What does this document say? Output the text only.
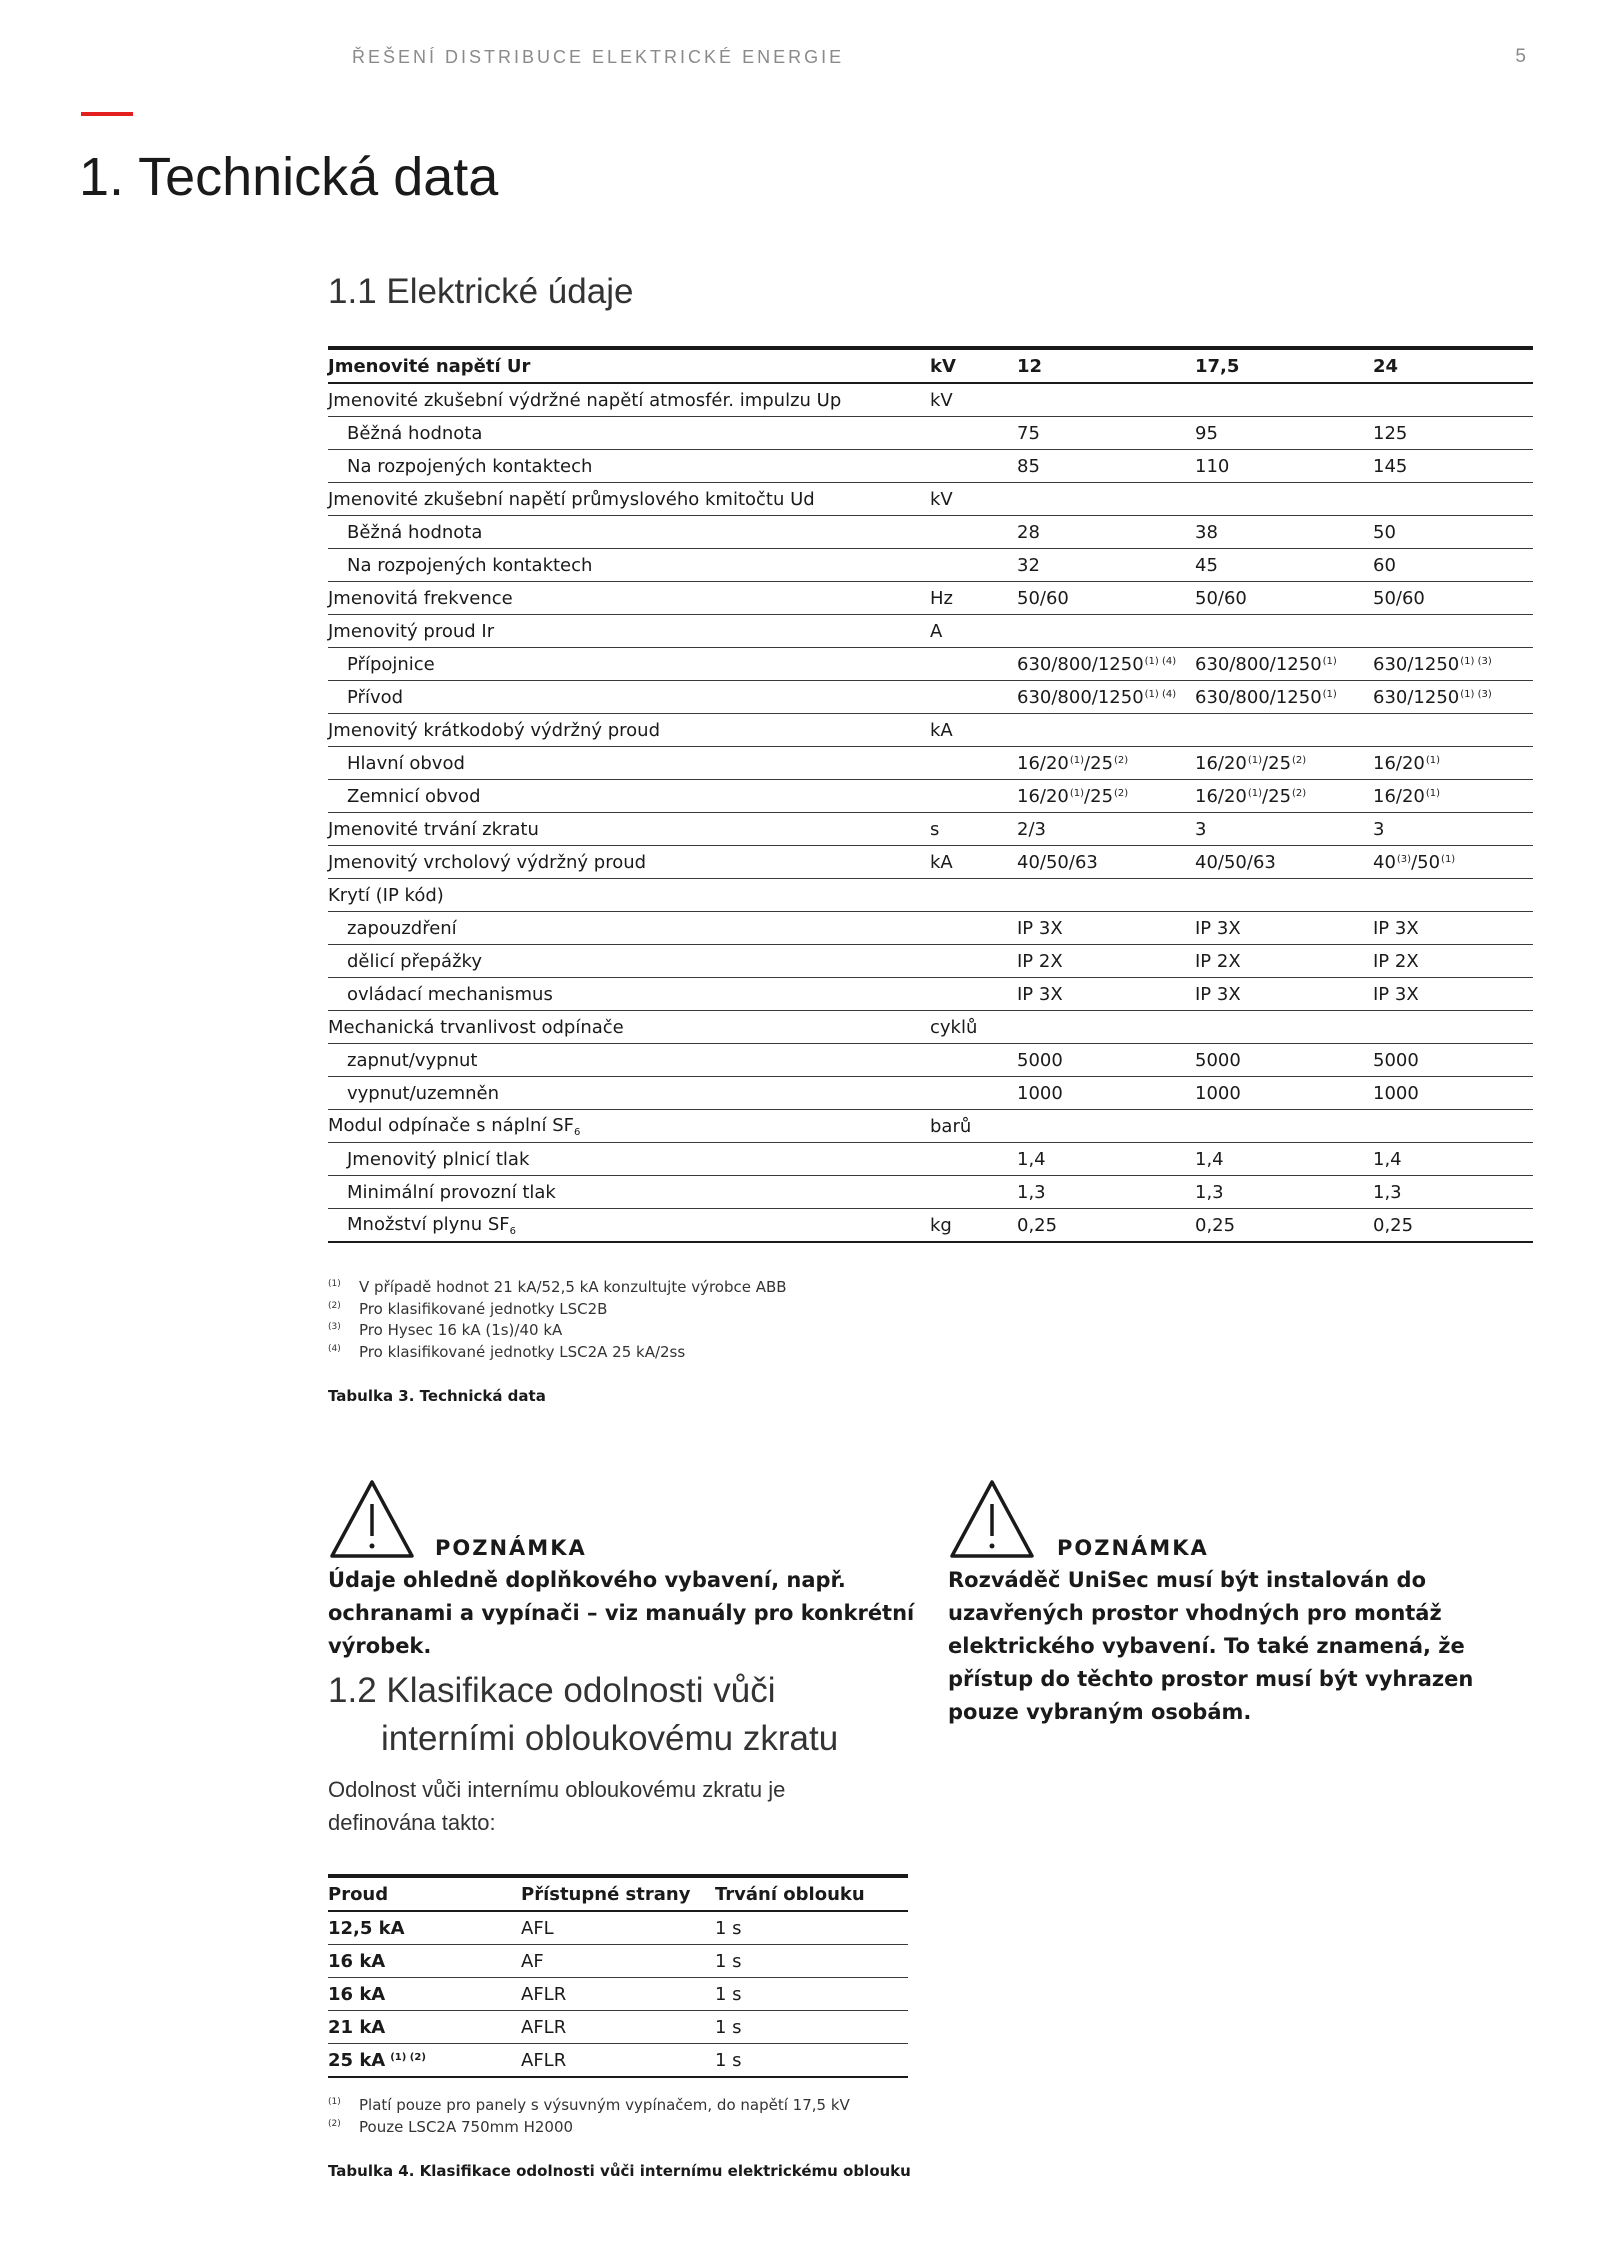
ŘEŠENÍ DISTRIBUCE ELEKTRICKÉ ENERGIE	5
1. Technická data
1.1 Elektrické údaje
Jmenovité napětí Ur	kV	12	17,5	24
Jmenovité zkušební výdržné napětí atmosfér. impulzu Up	kV			
Běžná hodnota		75	95	125
Na rozpojených kontaktech		85	110	145
Jmenovité zkušební napětí průmyslového kmitočtu Ud	kV			
Běžná hodnota		28	38	50
Na rozpojených kontaktech		32	45	60
Jmenovitá frekvence	Hz	50/60	50/60	50/60
Jmenovitý proud Ir	A			
Přípojnice		630/800/1250$^{(1) (4)}$	630/800/1250$^{(1)}$	630/1250$^{(1) (3)}$
Přívod		630/800/1250$^{(1) (4)}$	630/800/1250$^{(1)}$	630/1250$^{(1) (3)}$
Jmenovitý krátkodobý výdržný proud	kA			
Hlavní obvod		16/20$^{(1)}$/25$^{(2)}$	16/20$^{(1)}$/25$^{(2)}$	16/20$^{(1)}$
Zemnicí obvod		16/20$^{(1)}$/25$^{(2)}$	16/20$^{(1)}$/25$^{(2)}$	16/20$^{(1)}$
Jmenovité trvání zkratu	s	2/3	3	3
Jmenovitý vrcholový výdržný proud	kA	40/50/63	40/50/63	40$^{(3)}$/50$^{(1)}$
Krytí (IP kód)				
zapouzdření		IP 3X	IP 3X	IP 3X
dělicí přepážky		IP 2X	IP 2X	IP 2X
ovládací mechanismus		IP 3X	IP 3X	IP 3X
Mechanická trvanlivost odpínače	cyklů			
zapnut/vypnut		5000	5000	5000
vypnut/uzemněn		1000	1000	1000
Modul odpínače s náplní $SF_6$	barů			
Jmenovitý plnicí tlak		1,4	1,4	1,4
Minimální provozní tlak		1,3	1,3	1,3
Množství plynu $SF_6$	kg	0,25	0,25	0,25
(1) V případě hodnot 21 kA/52,5 kA konzultujte výrobce ABB
(2) Pro klasifikované jednotky LSC2B
(3) Pro Hysec 16 kA (1s)/40 kA
(4) Pro klasifikované jednotky LSC2A 25 kA/2ss
Tabulka 3. Technická data
POZNÁMKA
Údaje ohledně doplňkového vybavení, např. ochranami a vypínači – viz manuály pro konkrétní výrobek.
POZNÁMKA
Rozváděč UniSec musí být instalován do uzavřených prostor vhodných pro montáž elektrického vybavení. To také znamená, že přístup do těchto prostor musí být vyhrazen pouze vybraným osobám.
1.2 Klasifikace odolnosti vůči
interními obloukovému zkratu
Odolnost vůči internímu obloukovému zkratu je definována takto:
Proud	Přístupné strany	Trvání oblouku
12,5 kA	AFL	1 s
16 kA	AF	1 s
16 kA	AFLR	1 s
21 kA	AFLR	1 s
25 kA $^{(1) (2)}$	AFLR	1 s
(1) Platí pouze pro panely s výsuvným vypínačem, do napětí 17,5 kV
(2) Pouze LSC2A 750mm H2000
Tabulka 4. Klasifikace odolnosti vůči internímu elektrickému oblouku
